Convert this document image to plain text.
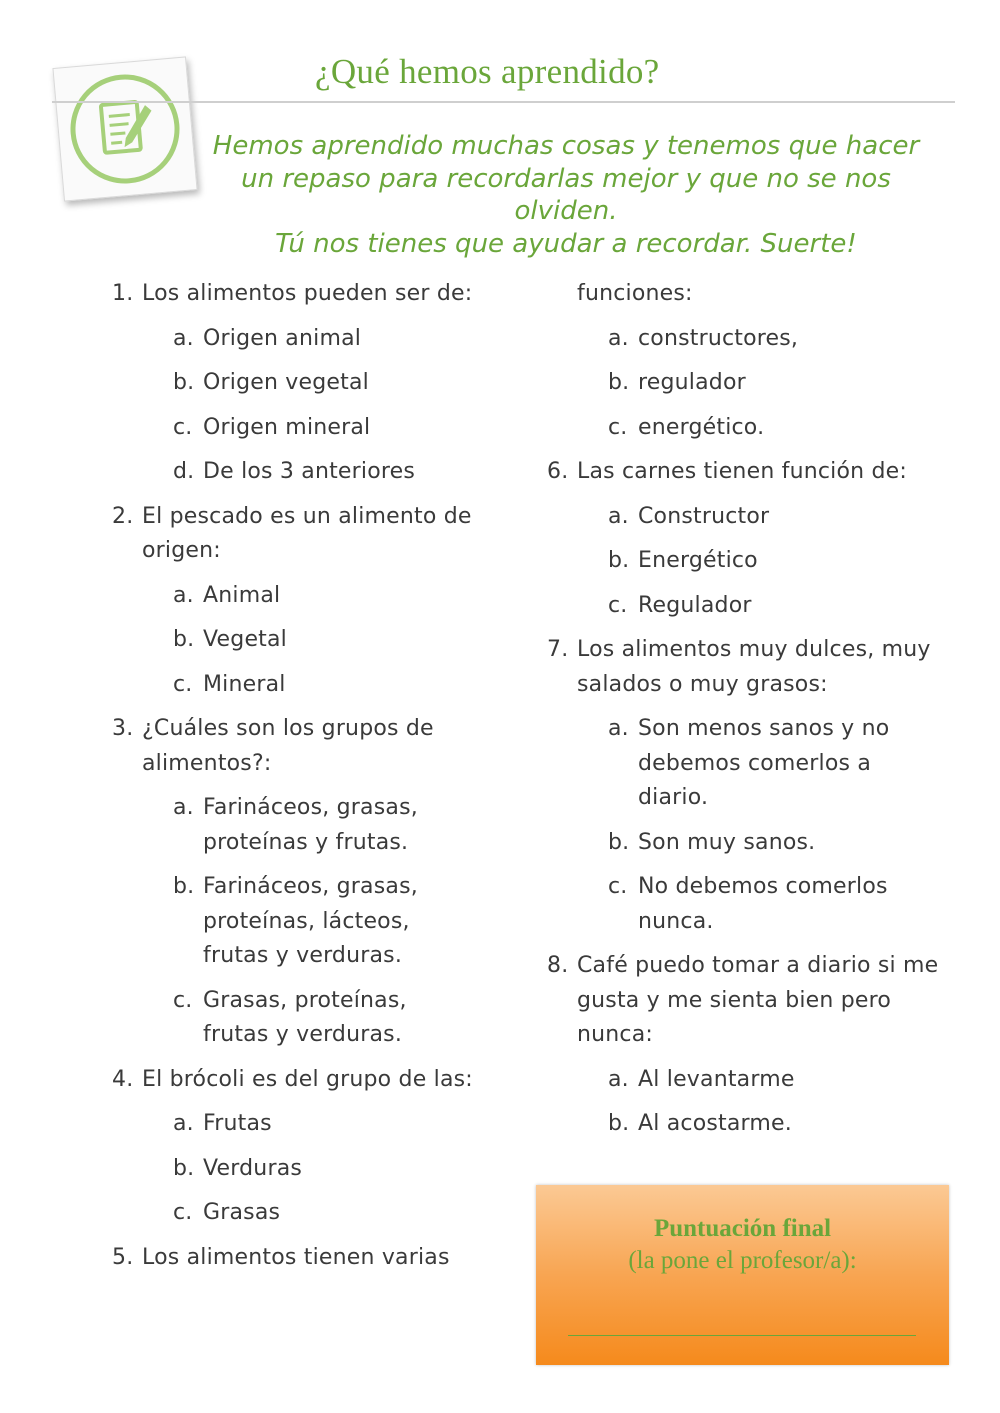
¿Qué hemos aprendido?
Hemos aprendido muchas cosas y tenemos que hacer
un repaso para recordarlas mejor y que no se nos
olviden.
Tú nos tienes que ayudar a recordar. Suerte!
1. Los alimentos pueden ser de:
a. Origen animal
b. Origen vegetal
c. Origen mineral
d. De los 3 anteriores
2. El pescado es un alimento de origen:
a. Animal
b. Vegetal
c. Mineral
3. ¿Cuáles son los grupos de alimentos?:
a. Farináceos, grasas, proteínas y frutas.
b. Farináceos, grasas, proteínas, lácteos, frutas y verduras.
c. Grasas, proteínas, frutas y verduras.
4. El brócoli es del grupo de las:
a. Frutas
b. Verduras
c. Grasas
5. Los alimentos tienen varias
funciones:
a. constructores,
b. regulador
c. energético.
6. Las carnes tienen función de:
a. Constructor
b. Energético
c. Regulador
7. Los alimentos muy dulces, muy salados o muy grasos:
a. Son menos sanos y no debemos comerlos a diario.
b. Son muy sanos.
c. No debemos comerlos nunca.
8. Café puedo tomar a diario si me gusta y me sienta bien pero nunca:
a. Al levantarme
b. Al acostarme.
Puntuación final
(la pone el profesor/a):
